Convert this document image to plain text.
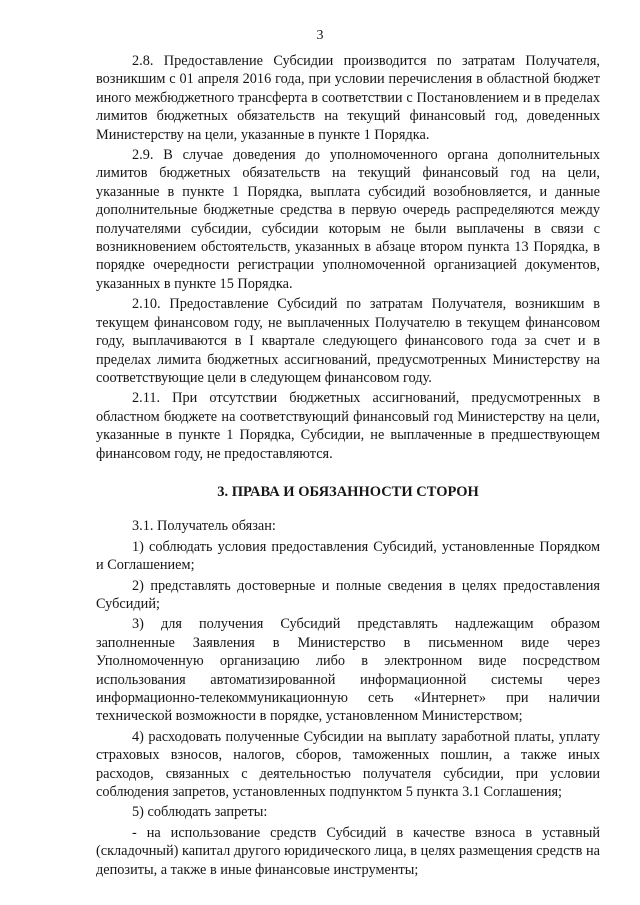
3

2.8. Предоставление Субсидии производится по затратам Получателя, возникшим с 01 апреля 2016 года, при условии перечисления в областной бюджет иного межбюджетного трансферта в соответствии с Постановлением и в пределах лимитов бюджетных обязательств на текущий финансовый год, доведенных Министерству на цели, указанные в пункте 1 Порядка.

2.9. В случае доведения до уполномоченного органа дополнительных лимитов бюджетных обязательств на текущий финансовый год на цели, указанные в пункте 1 Порядка, выплата субсидий возобновляется, и данные дополнительные бюджетные средства в первую очередь распределяются между получателями субсидии, субсидии которым не были выплачены в связи с возникновением обстоятельств, указанных в абзаце втором пункта 13 Порядка, в порядке очередности регистрации уполномоченной организацией документов, указанных в пункте 15 Порядка.

2.10. Предоставление Субсидий по затратам Получателя, возникшим в текущем финансовом году, не выплаченных Получателю в текущем финансовом году, выплачиваются в I квартале следующего финансового года за счет и в пределах лимита бюджетных ассигнований, предусмотренных Министерству на соответствующие цели в следующем финансовом году.

2.11. При отсутствии бюджетных ассигнований, предусмотренных в областном бюджете на соответствующий финансовый год Министерству на цели, указанные в пункте 1 Порядка, Субсидии, не выплаченные в предшествующем финансовом году, не предоставляются.

3. ПРАВА И ОБЯЗАННОСТИ СТОРОН

3.1. Получатель обязан:

1) соблюдать условия предоставления Субсидий, установленные Порядком и Соглашением;

2) представлять достоверные и полные сведения в целях предоставления Субсидий;

3) для получения Субсидий представлять надлежащим образом заполненные Заявления в Министерство в письменном виде через Уполномоченную организацию либо в электронном виде посредством использования автоматизированной информационной системы через информационно-телекоммуникационную сеть «Интернет» при наличии технической возможности в порядке, установленном Министерством;

4) расходовать полученные Субсидии на выплату заработной платы, уплату страховых взносов, налогов, сборов, таможенных пошлин, а также иных расходов, связанных с деятельностью получателя субсидии, при условии соблюдения запретов, установленных подпунктом 5 пункта 3.1 Соглашения;

5) соблюдать запреты:

- на использование средств Субсидий в качестве взноса в уставный (складочный) капитал другого юридического лица, в целях размещения средств на депозиты, а также в иные финансовые инструменты;
